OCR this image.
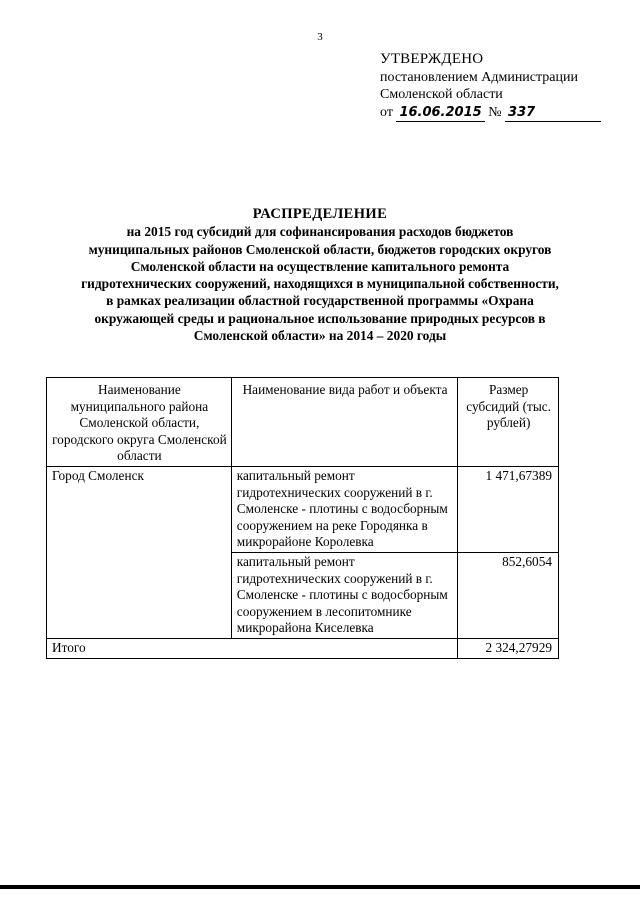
3
УТВЕРЖДЕНО
постановлением Администрации
Смоленской области
от
16.06.2015
№
337
РАСПРЕДЕЛЕНИЕ
на 2015 год субсидий для софинансирования расходов бюджетов
муниципальных районов Смоленской области, бюджетов городских округов
Смоленской области на осуществление капитального ремонта
гидротехнических сооружений, находящихся в муниципальной собственности,
в рамках реализации областной государственной программы «Охрана
окружающей среды и рациональное использование природных ресурсов в
Смоленской области» на 2014 – 2020 годы
Наименование муниципального района Смоленской области, городского округа Смоленской области	Наименование вида работ и объекта	Размер субсидий (тыс. рублей)
Город Смоленск	капитальный ремонт гидротехнических сооружений в г. Смоленске - плотины с водосборным сооружением на реке Городянка в микрорайоне Королевка	1 471,67389
	капитальный ремонт гидротехнических сооружений в г. Смоленске - плотины с водосборным сооружением в лесопитомнике микрорайона Киселевка	852,6054
Итого		2 324,27929
